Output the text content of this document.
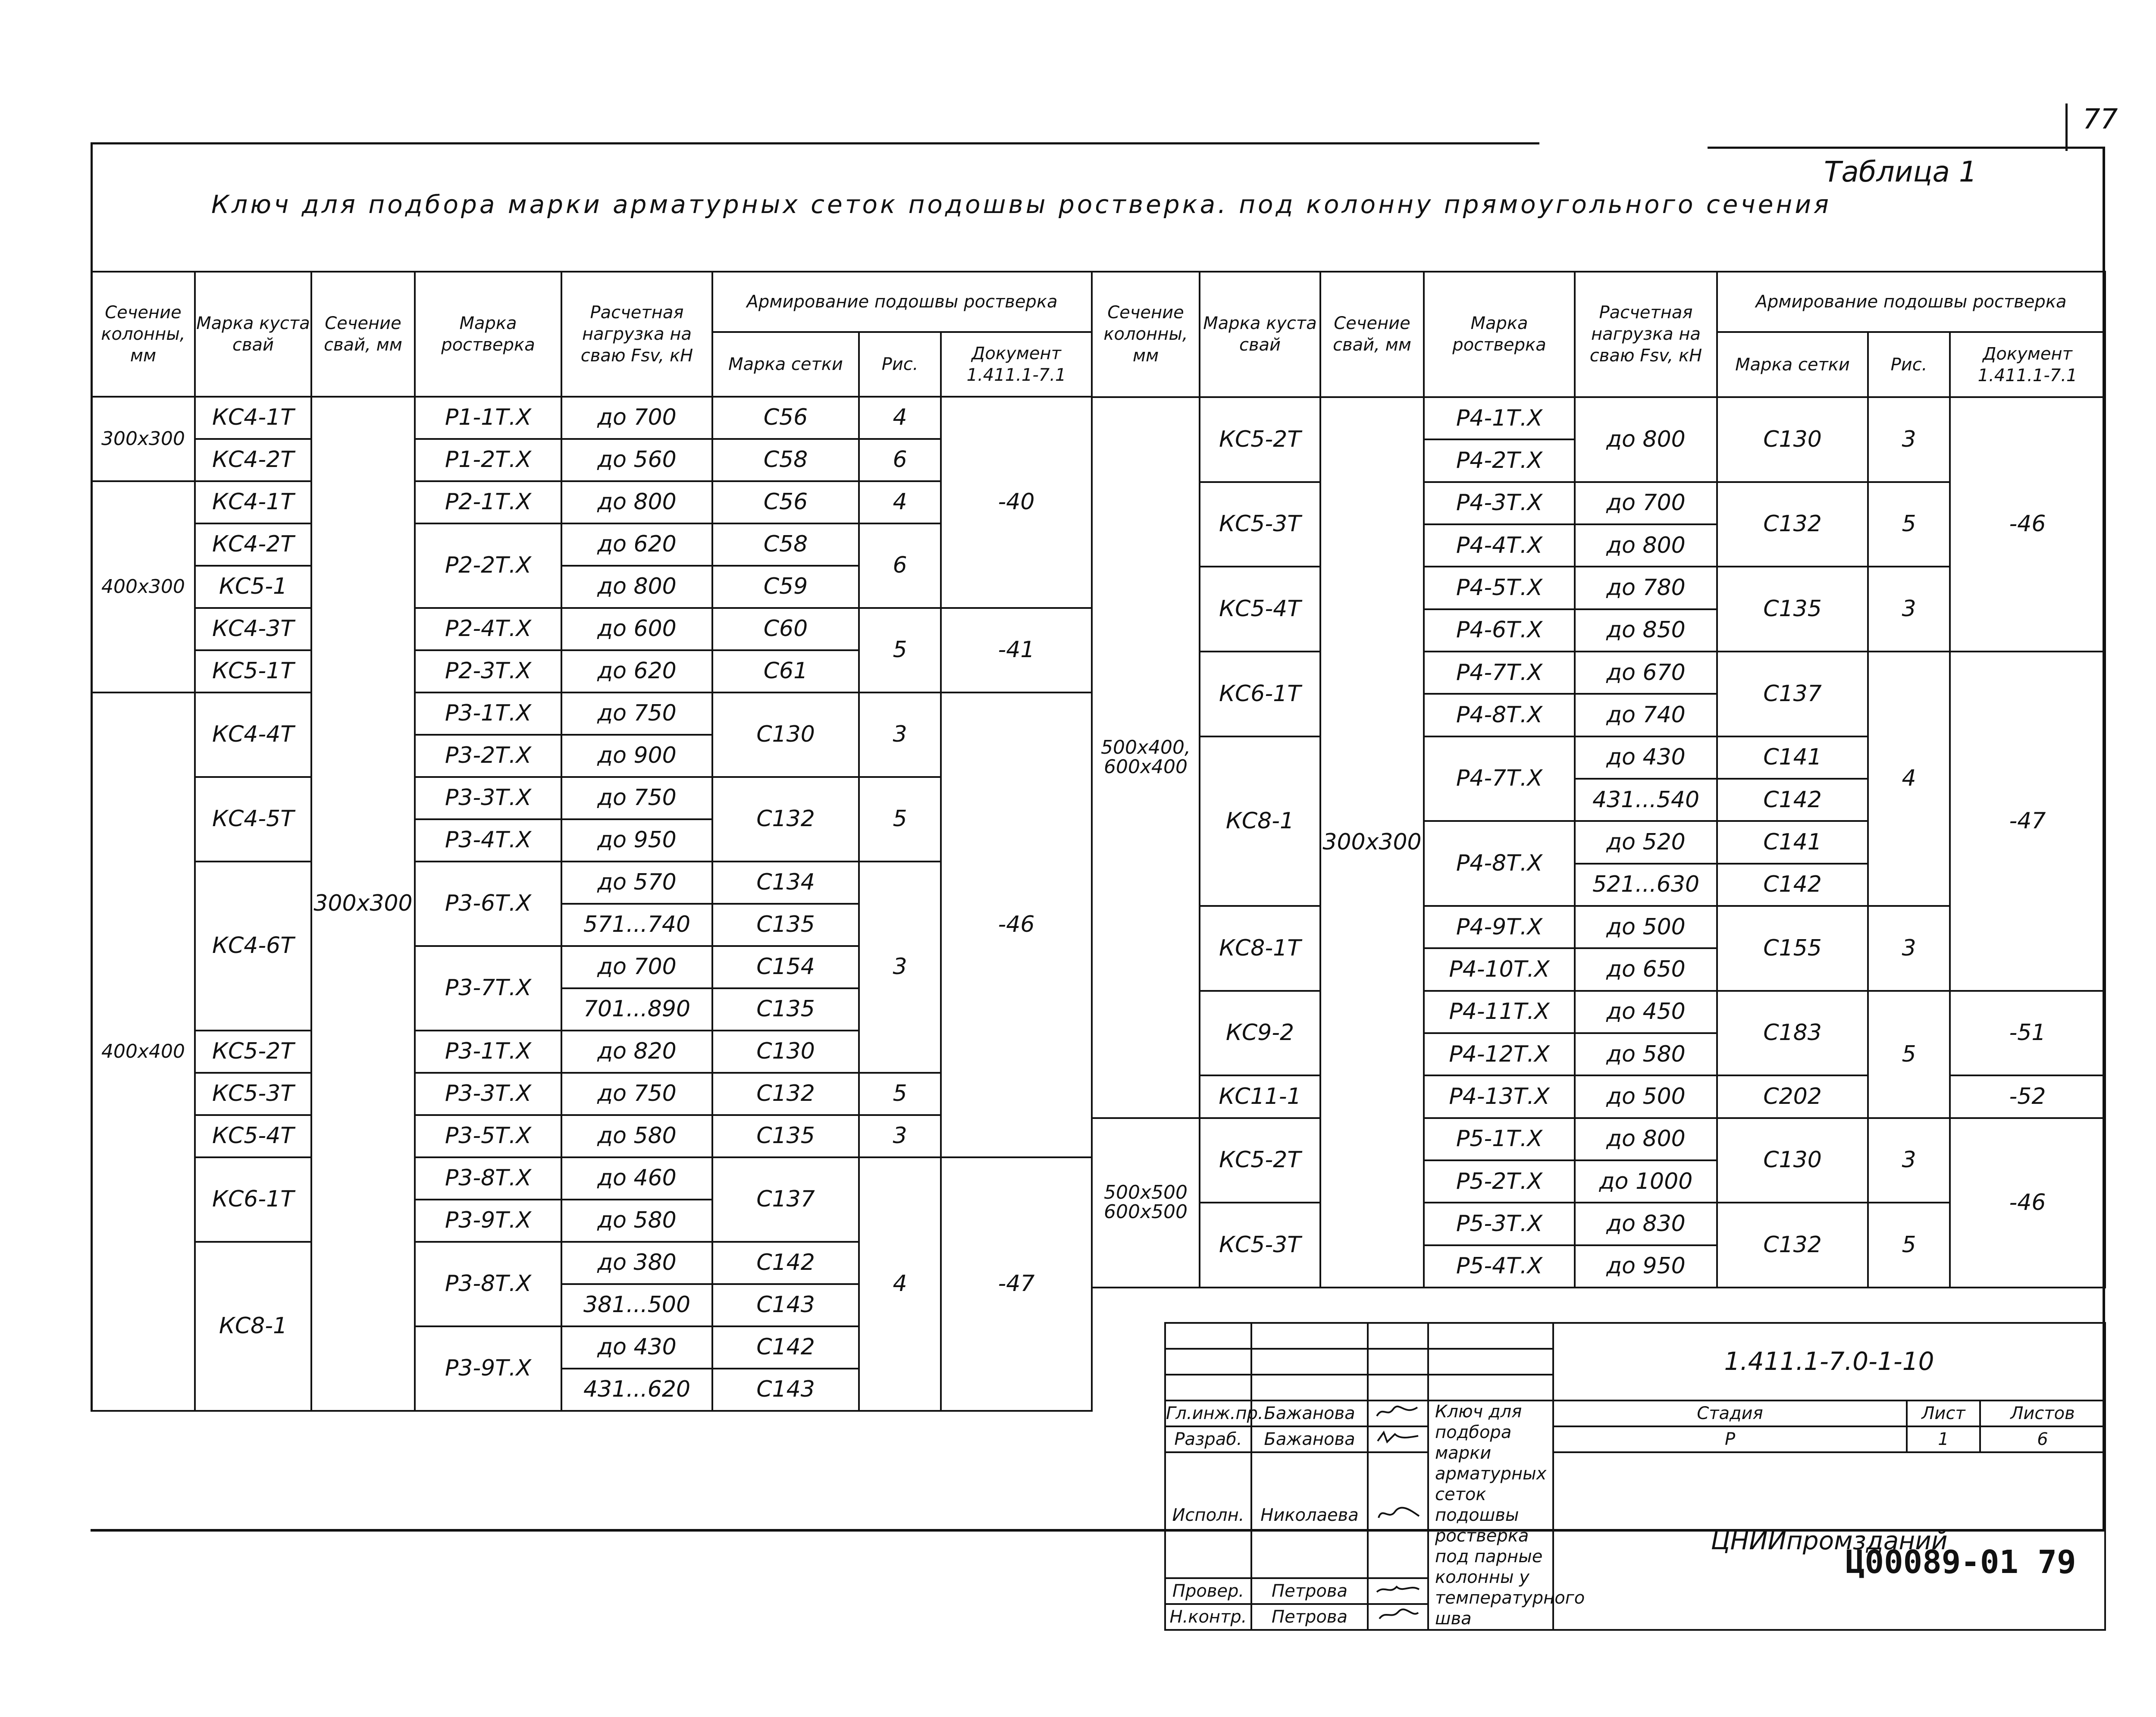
77
Таблица 1
Ключ для подбора марки арматурных сеток подошвы ростверка. под колонну прямоугольного сечения
Сечение колонны, мм	Марка куста свай	Сечение свай, мм	Марка ростверка	Расчетная нагрузка на сваю Fsv, кН	Армирование подошвы ростверка		
					Марка сетки	Рис.	Документ 1.411.1-7.1
300x300	КС4-1Т	300x300	Р1-1Т.Х	до 700	С56	4	-40
	КС4-2Т		Р1-2Т.Х	до 560	С58	6	
400x300	КС4-1Т		Р2-1Т.Х	до 800	С56	4	
	КС4-2Т		Р2-2Т.Х	до 620	С58	6	
	КС5-1			до 800	С59		
	КС4-3Т		Р2-4Т.Х	до 600	С60	5	-41
	КС5-1Т		Р2-3Т.Х	до 620	С61		
400x400	КС4-4Т		Р3-1Т.Х	до 750	С130	3	-46
			Р3-2Т.Х	до 900			
	КС4-5Т		Р3-3Т.Х	до 750	С132	5	
			Р3-4Т.Х	до 950			
	КС4-6Т		Р3-6Т.Х	до 570	С134	3	
				571...740	С135		
			Р3-7Т.Х	до 700	С154		
				701...890	С135		
	КС5-2Т		Р3-1Т.Х	до 820	С130		
	КС5-3Т		Р3-3Т.Х	до 750	С132	5	
	КС5-4Т		Р3-5Т.Х	до 580	С135	3	
	КС6-1Т		Р3-8Т.Х	до 460	С137	4	-47
			Р3-9Т.Х	до 580			
	КС8-1		Р3-8Т.Х	до 380	С142		
				381...500	С143		
			Р3-9Т.Х	до 430	С142		
				431...620	С143		
Сечение колонны, мм	Марка куста свай	Сечение свай, мм	Марка ростверка	Расчетная нагрузка на сваю Fsv, кН	Армирование подошвы ростверка		
					Марка сетки	Рис.	Документ 1.411.1-7.1
500x400,
600x400	КС5-2Т	300x300	Р4-1Т.Х	до 800	С130	3	-46
			Р4-2Т.Х				
	КС5-3Т		Р4-3Т.Х	до 700	С132	5	
			Р4-4Т.Х	до 800			
	КС5-4Т		Р4-5Т.Х	до 780	С135	3	
			Р4-6Т.Х	до 850			
	КС6-1Т		Р4-7Т.Х	до 670	С137	4	-47
			Р4-8Т.Х	до 740			
	КС8-1		Р4-7Т.Х	до 430	С141		
				431...540	С142		
			Р4-8Т.Х	до 520	С141		
				521...630	С142		
	КС8-1Т		Р4-9Т.Х	до 500	С155	3	
			Р4-10Т.Х	до 650			
	КС9-2		Р4-11Т.Х	до 450	С183	5	-51
			Р4-12Т.Х	до 580			
	КС11-1		Р4-13Т.Х	до 500	С202		-52
500x500
600x500	КС5-2Т		Р5-1Т.Х	до 800	С130	3	-46
			Р5-2Т.Х	до 1000			
	КС5-3Т		Р5-3Т.Х	до 830	С132	5	
			Р5-4Т.Х	до 950			
				1.411.1-7.0-1-10		

Гл.инж.пр.	Бажанова		Ключ для подбора марки арматурных сеток подошвы ростверка под парные колонны у температурного шва	Стадия	Лист	Листов
Разраб.	Бажанова			Р	1	6
Исполн.	Николаева			ЦНИИпромзданий		
Провер.	Петрова	
Н.контр.	Петрова	
Ц00089-01 79
